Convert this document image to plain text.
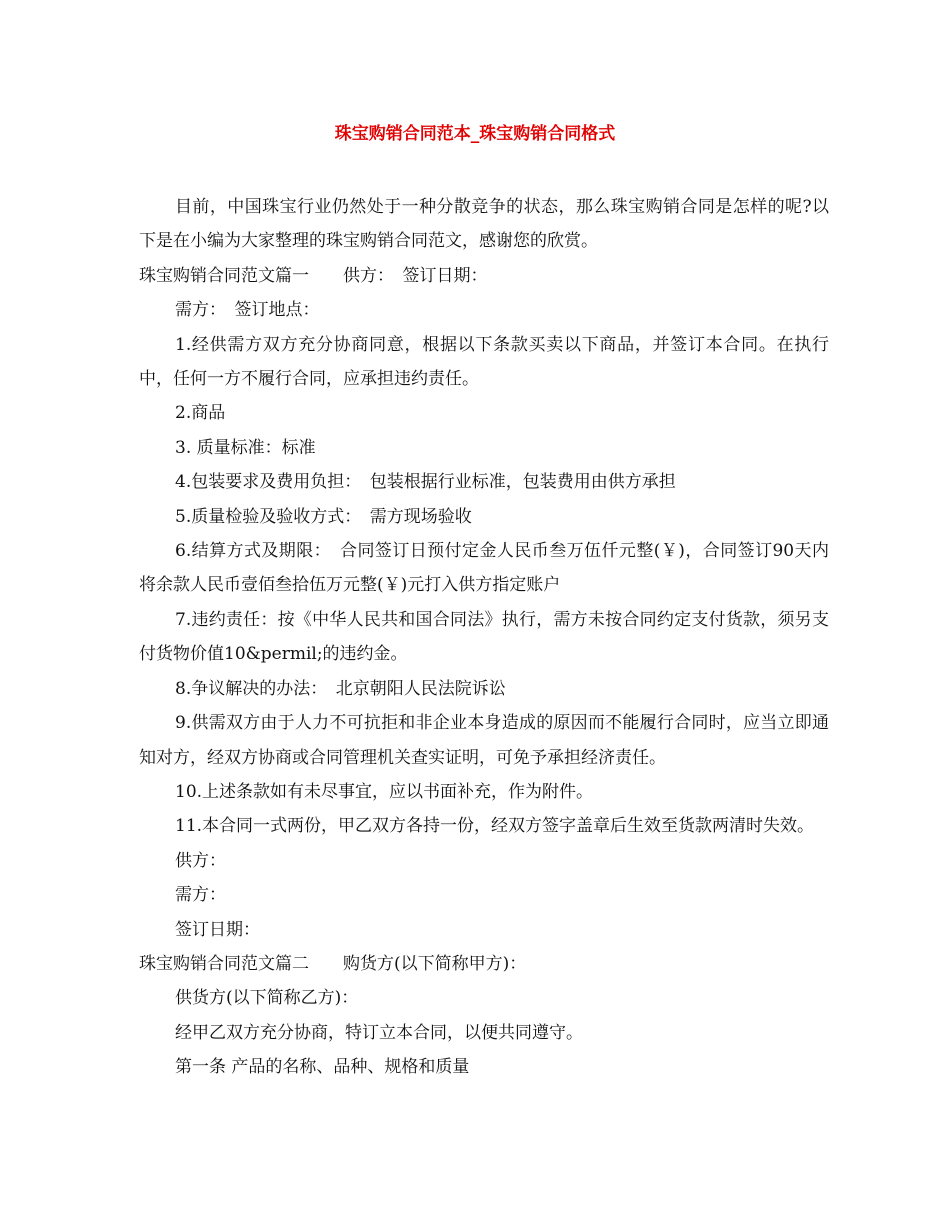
珠宝购销合同范本_珠宝购销合同格式

目前，中国珠宝行业仍然处于一种分散竞争的状态，那么珠宝购销合同是怎样的呢?以下是在小编为大家整理的珠宝购销合同范文，感谢您的欣赏。

珠宝购销合同范文篇一　　供方：　签订日期：

需方：　签订地点：

1.经供需方双方充分协商同意，根据以下条款买卖以下商品，并签订本合同。在执行中，任何一方不履行合同，应承担违约责任。

2.商品

3. 质量标准：标准

4.包装要求及费用负担：　包装根据行业标准，包装费用由供方承担

5.质量检验及验收方式：　需方现场验收

6.结算方式及期限：　合同签订日预付定金人民币叁万伍仟元整(￥)，合同签订90天内将余款人民币壹佰叁拾伍万元整(￥)元打入供方指定账户

7.违约责任：按《中华人民共和国合同法》执行，需方未按合同约定支付货款，须另支付货物价值10&permil;的违约金。

8.争议解决的办法：　北京朝阳人民法院诉讼

9.供需双方由于人力不可抗拒和非企业本身造成的原因而不能履行合同时，应当立即通知对方，经双方协商或合同管理机关查实证明，可免予承担经济责任。

10.上述条款如有未尽事宜，应以书面补充，作为附件。

11.本合同一式两份，甲乙双方各持一份，经双方签字盖章后生效至货款两清时失效。

供方：

需方：

签订日期：

珠宝购销合同范文篇二　　购货方(以下简称甲方)：

供货方(以下简称乙方)：

经甲乙双方充分协商，特订立本合同，以便共同遵守。

第一条 产品的名称、品种、规格和质量
